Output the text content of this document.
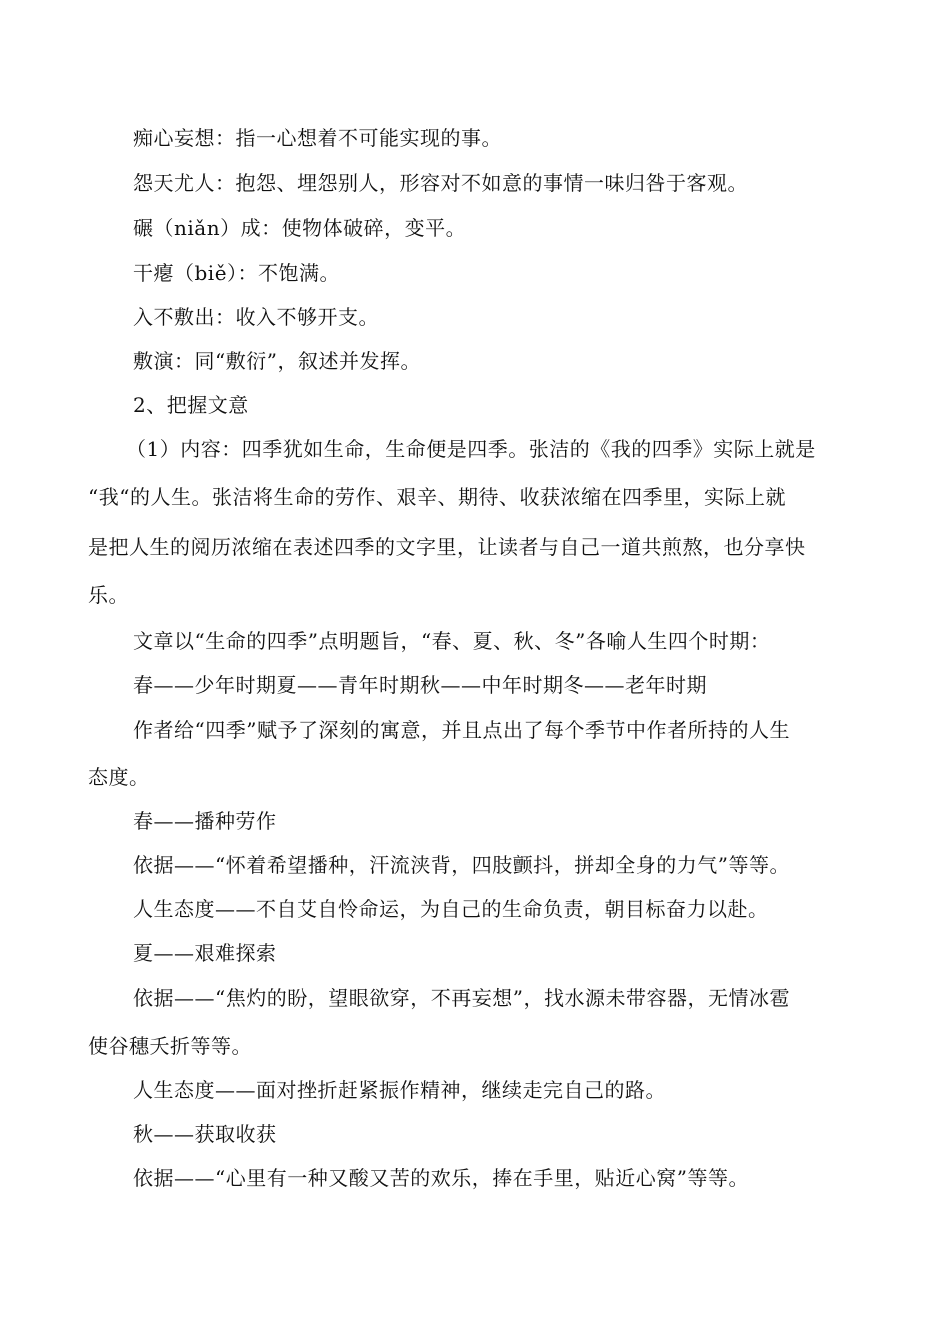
痴心妄想：指一心想着不可能实现的事。
怨天尤人：抱怨、埋怨别人，形容对不如意的事情一味归咎于客观。
碾（niǎn）成：使物体破碎，变平。
干瘪（biě）：不饱满。
入不敷出：收入不够开支。
敷演：同“敷衍”，叙述并发挥。
2、把握文意
（1）内容：四季犹如生命，生命便是四季。张洁的《我的四季》实际上就是
“我“的人生。张洁将生命的劳作、艰辛、期待、收获浓缩在四季里，实际上就
是把人生的阅历浓缩在表述四季的文字里，让读者与自己一道共煎熬，也分享快
乐。
文章以“生命的四季”点明题旨，“春、夏、秋、冬”各喻人生四个时期：
春——少年时期夏——青年时期秋——中年时期冬——老年时期
作者给“四季”赋予了深刻的寓意，并且点出了每个季节中作者所持的人生
态度。
春——播种劳作
依据——“怀着希望播种，汗流浃背，四肢颤抖，拼却全身的力气”等等。
人生态度——不自艾自怜命运，为自己的生命负责，朝目标奋力以赴。
夏——艰难探索
依据——“焦灼的盼，望眼欲穿，不再妄想”，找水源未带容器，无情冰雹
使谷穗夭折等等。
人生态度——面对挫折赶紧振作精神，继续走完自己的路。
秋——获取收获
依据——“心里有一种又酸又苦的欢乐，捧在手里，贴近心窝”等等。
